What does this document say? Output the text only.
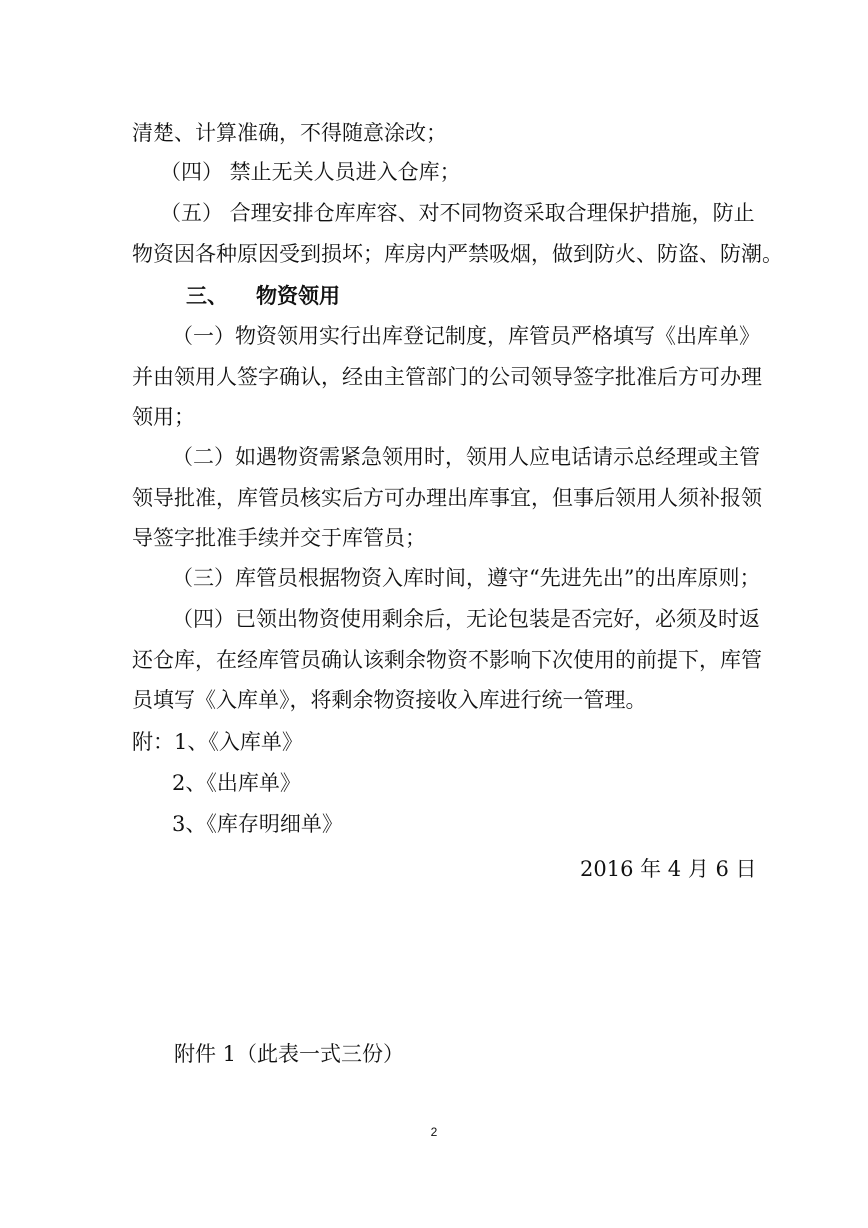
清楚、计算准确，不得随意涂改；
（四） 禁止无关人员进入仓库；
（五） 合理安排仓库库容、对不同物资采取合理保护措施，防止
物资因各种原因受到损坏；库房内严禁吸烟，做到防火、防盗、防潮。
三、 物资领用
（一）物资领用实行出库登记制度，库管员严格填写《出库单》
并由领用人签字确认，经由主管部门的公司领导签字批准后方可办理
领用；
（二）如遇物资需紧急领用时，领用人应电话请示总经理或主管
领导批准，库管员核实后方可办理出库事宜，但事后领用人须补报领
导签字批准手续并交于库管员；
（三）库管员根据物资入库时间，遵守“先进先出”的出库原则；
（四）已领出物资使用剩余后，无论包装是否完好，必须及时返
还仓库，在经库管员确认该剩余物资不影响下次使用的前提下，库管
员填写《入库单》，将剩余物资接收入库进行统一管理。
附：1、《入库单》
2、《出库单》
3、《库存明细单》
2016 年 4 月 6 日
附件 1（此表一式三份）
2
